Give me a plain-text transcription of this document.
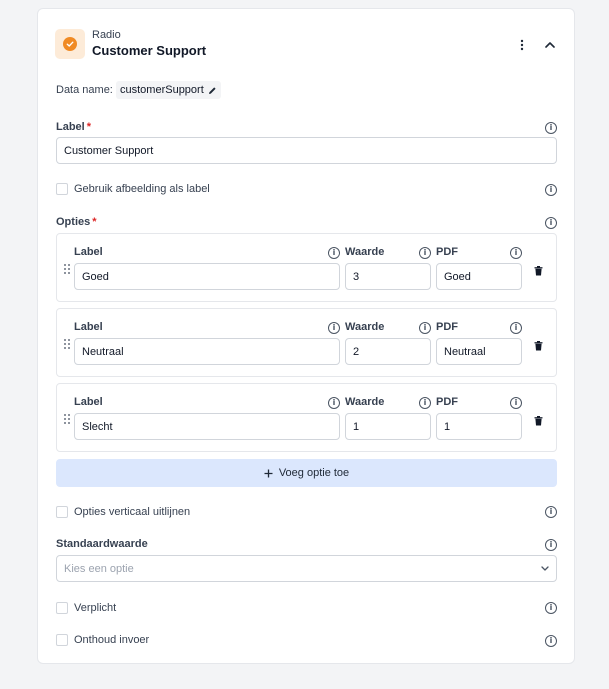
Radio
Customer Support
Data name: customerSupport
Label *	i
Customer Support
Gebruik afbeelding als label	i
Opties *	i
Label	i Waarde	i PDF	i
Goed	3	Goed
Label	i Waarde	i PDF	i
Neutraal	2	Neutraal
Label	i Waarde	i PDF	i
Slecht	1	1
Voeg optie toe
Opties verticaal uitlijnen	i
Standaardwaarde	i
Kies een optie
Verplicht	i
Onthoud invoer	i
